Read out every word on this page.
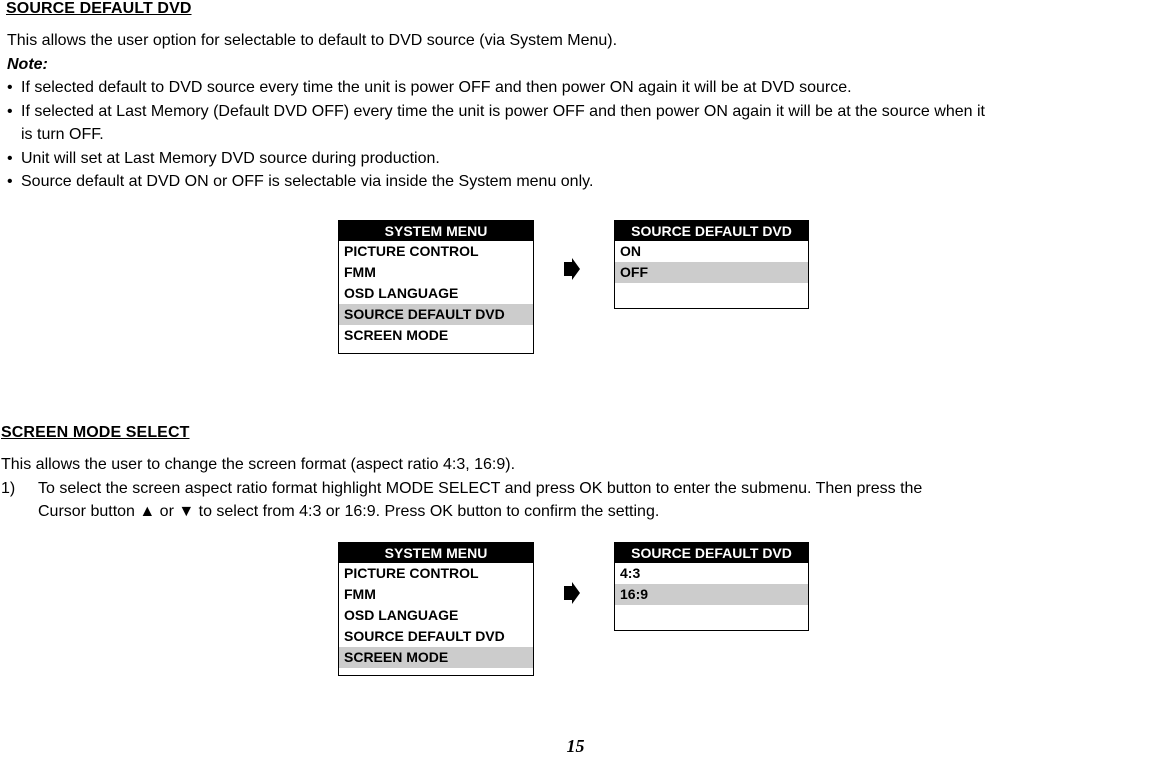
SOURCE DEFAULT DVD
This allows the user option for selectable to default to DVD source (via System Menu).
Note:
• If selected default to DVD source every time the unit is power OFF and then power ON again it will be at DVD source.
• If selected at Last Memory (Default DVD OFF) every time the unit is power OFF and then power ON again it will be at the source when it
is turn OFF.
• Unit will set at Last Memory DVD source during production.
• Source default at DVD ON or OFF is selectable via inside the System menu only.
SYSTEM MENU
PICTURE CONTROL
FMM
OSD LANGUAGE
SOURCE DEFAULT DVD
SCREEN MODE
SOURCE DEFAULT DVD
ON
OFF
SCREEN MODE SELECT
This allows the user to change the screen format (aspect ratio 4:3, 16:9).
1) To select the screen aspect ratio format highlight MODE SELECT and press OK button to enter the submenu. Then press the
Cursor button ▲ or ▼ to select from 4:3 or 16:9. Press OK button to confirm the setting.
SYSTEM MENU
PICTURE CONTROL
FMM
OSD LANGUAGE
SOURCE DEFAULT DVD
SCREEN MODE
SOURCE DEFAULT DVD
4:3
16:9
15
